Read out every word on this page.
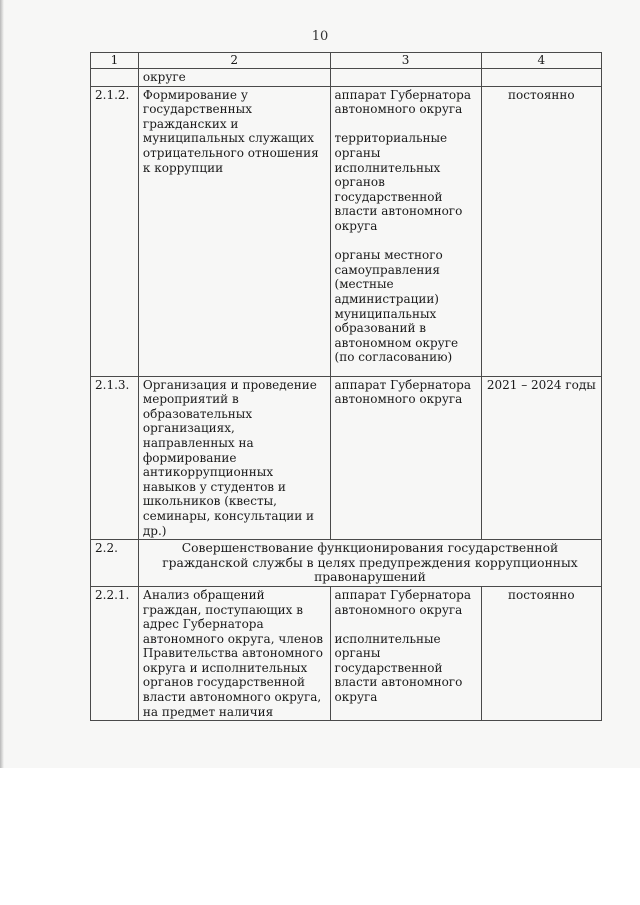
10
1	2	3	4
	округе		
2.1.2.	Формирование у государственных гражданских и муниципальных служащих отрицательного отношения к коррупции	аппарат Губернатора автономного округа

территориальные органы исполнительных органов государственной власти автономного округа

органы местного самоуправления (местные администрации) муниципальных образований в автономном округе (по согласованию)	постоянно
2.1.3.	Организация и проведение мероприятий в образовательных организациях, направленных на формирование антикоррупционных навыков у студентов и школьников (квесты, семинары, консультации и др.)	аппарат Губернатора автономного округа	2021 – 2024 годы
2.2.	Совершенствование функционирования государственной гражданской службы в целях предупреждения коррупционных правонарушений		
2.2.1.	Анализ обращений граждан, поступающих в адрес Губернатора автономного округа, членов Правительства автономного округа и исполнительных органов государственной власти автономного округа, на предмет наличия	аппарат Губернатора автономного округа

исполнительные органы государственной власти автономного округа	постоянно
